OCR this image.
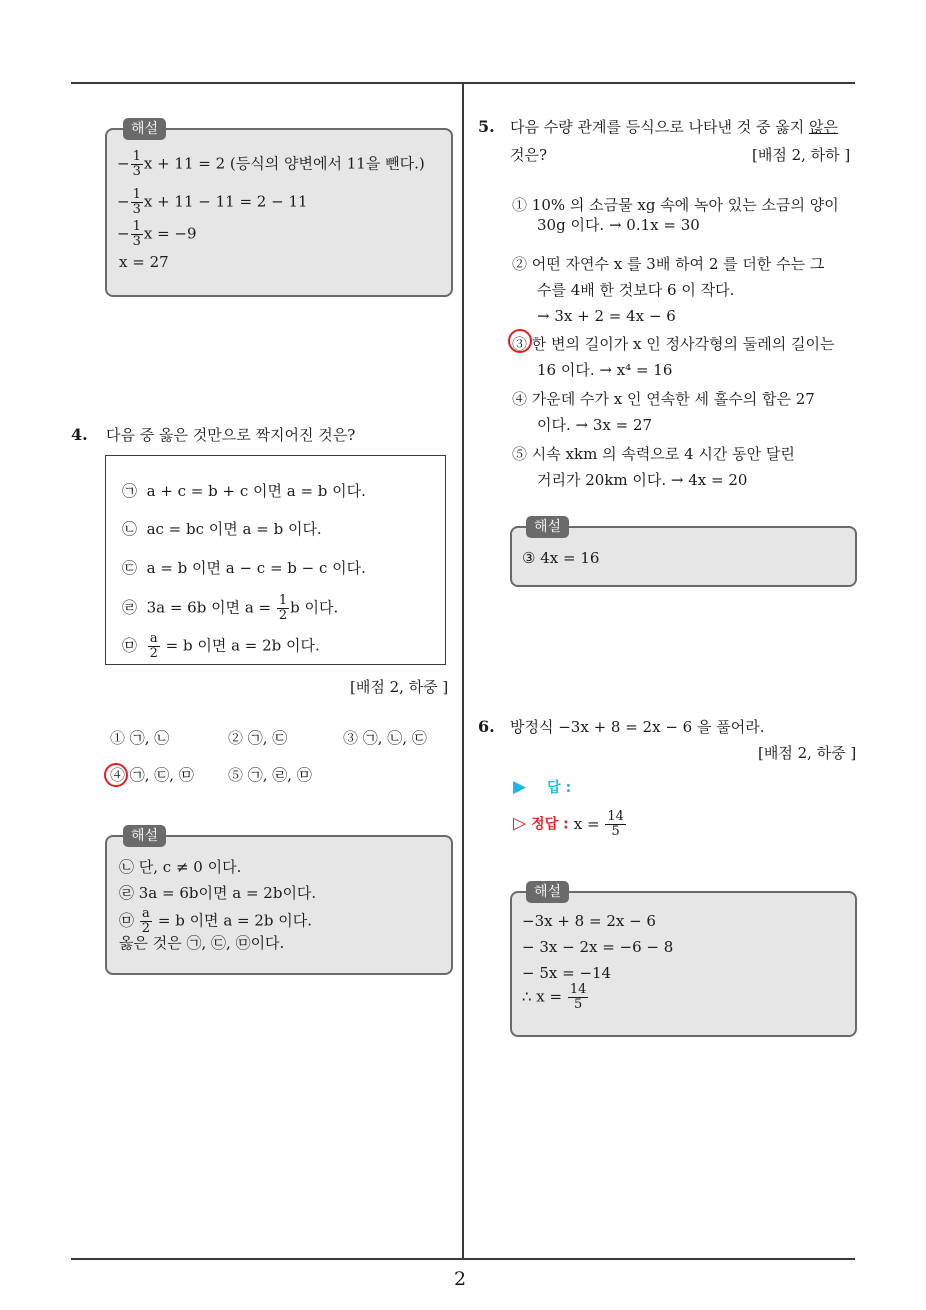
해설
− $\frac{1}{3}$ x + 11 = 2 (등식의 양변에서 11을 뺀다.)
− $\frac{1}{3}$ x + 11 − 11 = 2 − 11
− $\frac{1}{3}$ x = −9
x = 27
4. 다음 중 옳은 것만으로 짝지어진 것은?
㉠ a + c = b + c 이면 a = b 이다.
㉡ ac = bc 이면 a = b 이다.
㉢ a = b 이면 a − c = b − c 이다.
㉣ 3a = 6b 이면 $a = \frac{1}{2}$ b 이다.
㉤ $\frac{a}{2} = b$ 이면 a = 2b 이다.
[배점 2, 하중 ]
① ㉠, ㉡	② ㉠, ㉢	③ ㉠, ㉡, ㉢
④ ㉠, ㉢, ㉤ ⑤ ㉠, ㉣, ㉤
해설
㉡ 단, c ≠ 0 이다.
㉣ 3a = 6b이면 a = 2b이다.
㉤ $\frac{a}{2} = b$ 이면 a = 2b 이다.
옳은 것은 ㉠, ㉢, ㉤이다.
5. 다음 수량 관계를 등식으로 나타낸 것 중 옳지 않은
것은?	[배점 2, 하하 ]
① 10% 의 소금물 xg 속에 녹아 있는 소금의 양이
30g 이다. → 0.1x = 30
② 어떤 자연수 x 를 3배 하여 2 를 더한 수는 그
수를 4배 한 것보다 6 이 작다.
→ 3x + 2 = 4x − 6
③ 한 변의 길이가 x 인 정사각형의 둘레의 길이는
16 이다. → x⁴ = 16
④ 가운데 수가 x 인 연속한 세 홀수의 합은 27
이다. → 3x = 27
⑤ 시속 xkm 의 속력으로 4 시간 동안 달린
거리가 20km 이다. → 4x = 20
해설
③ 4x = 16
6. 방정식 −3x + 8 = 2x − 6 을 풀어라.
[배점 2, 하중 ]
▶ 답 :
▷ 정답 : $x = \frac{14}{5}$
해설
−3x + 8 = 2x − 6
− 3x − 2x = −6 − 8
− 5x = −14
∴ $x = \frac{14}{5}$
2
